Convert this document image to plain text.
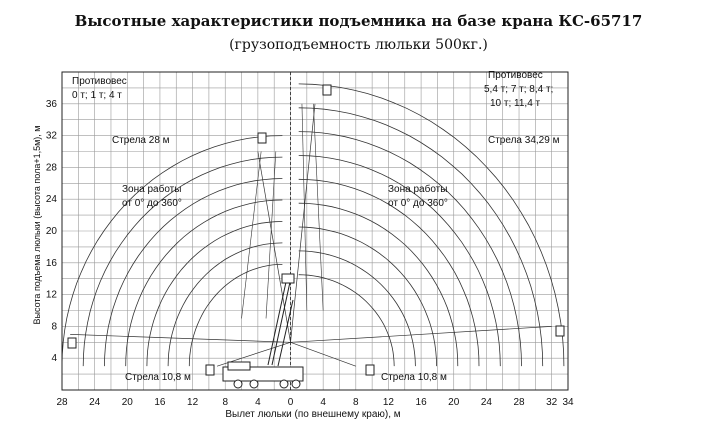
Высотные характеристики подъемника на базе крана КС-65717
(грузоподъемность люльки 500кг.)
Противовес
0 т; 1 т; 4 т
Противовес
5,4 т; 7 т; 8,4 т;
10 т; 11,4 т
Стрела 28 м	Стрела 34,29 м
Зона работы
от 0° до 360°
Зона работы
от 0° до 360°
Стрела 10,8 м	Стрела 10,8 м
28 24 20 16 12 8	4	0	4	8 12 16 20 24 28 32 34
4
8
12
16
20
24
28
32
36
Вылет люльки (по внешнему краю), м
Высота подъема люльки (высота пола+1,5м), м
